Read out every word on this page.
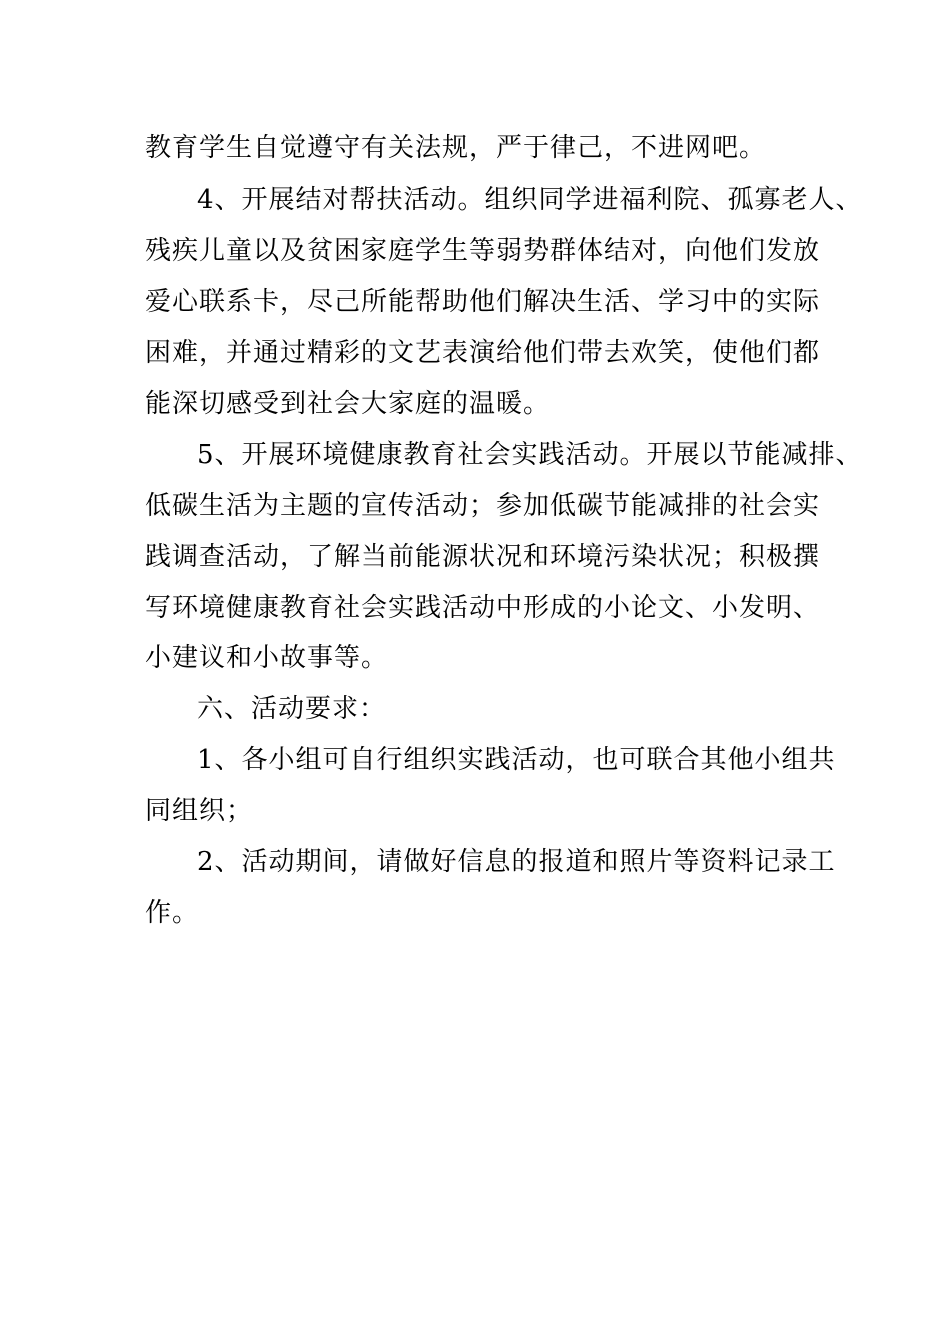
教育学生自觉遵守有关法规，严于律己，不进网吧。
4、开展结对帮扶活动。组织同学进福利院、孤寡老人、
残疾儿童以及贫困家庭学生等弱势群体结对，向他们发放
爱心联系卡，尽己所能帮助他们解决生活、学习中的实际
困难，并通过精彩的文艺表演给他们带去欢笑，使他们都
能深切感受到社会大家庭的温暖。
5、开展环境健康教育社会实践活动。开展以节能减排、
低碳生活为主题的宣传活动；参加低碳节能减排的社会实
践调查活动，了解当前能源状况和环境污染状况；积极撰
写环境健康教育社会实践活动中形成的小论文、小发明、
小建议和小故事等。
六、活动要求：
1、各小组可自行组织实践活动，也可联合其他小组共
同组织；
2、活动期间，请做好信息的报道和照片等资料记录工
作。
